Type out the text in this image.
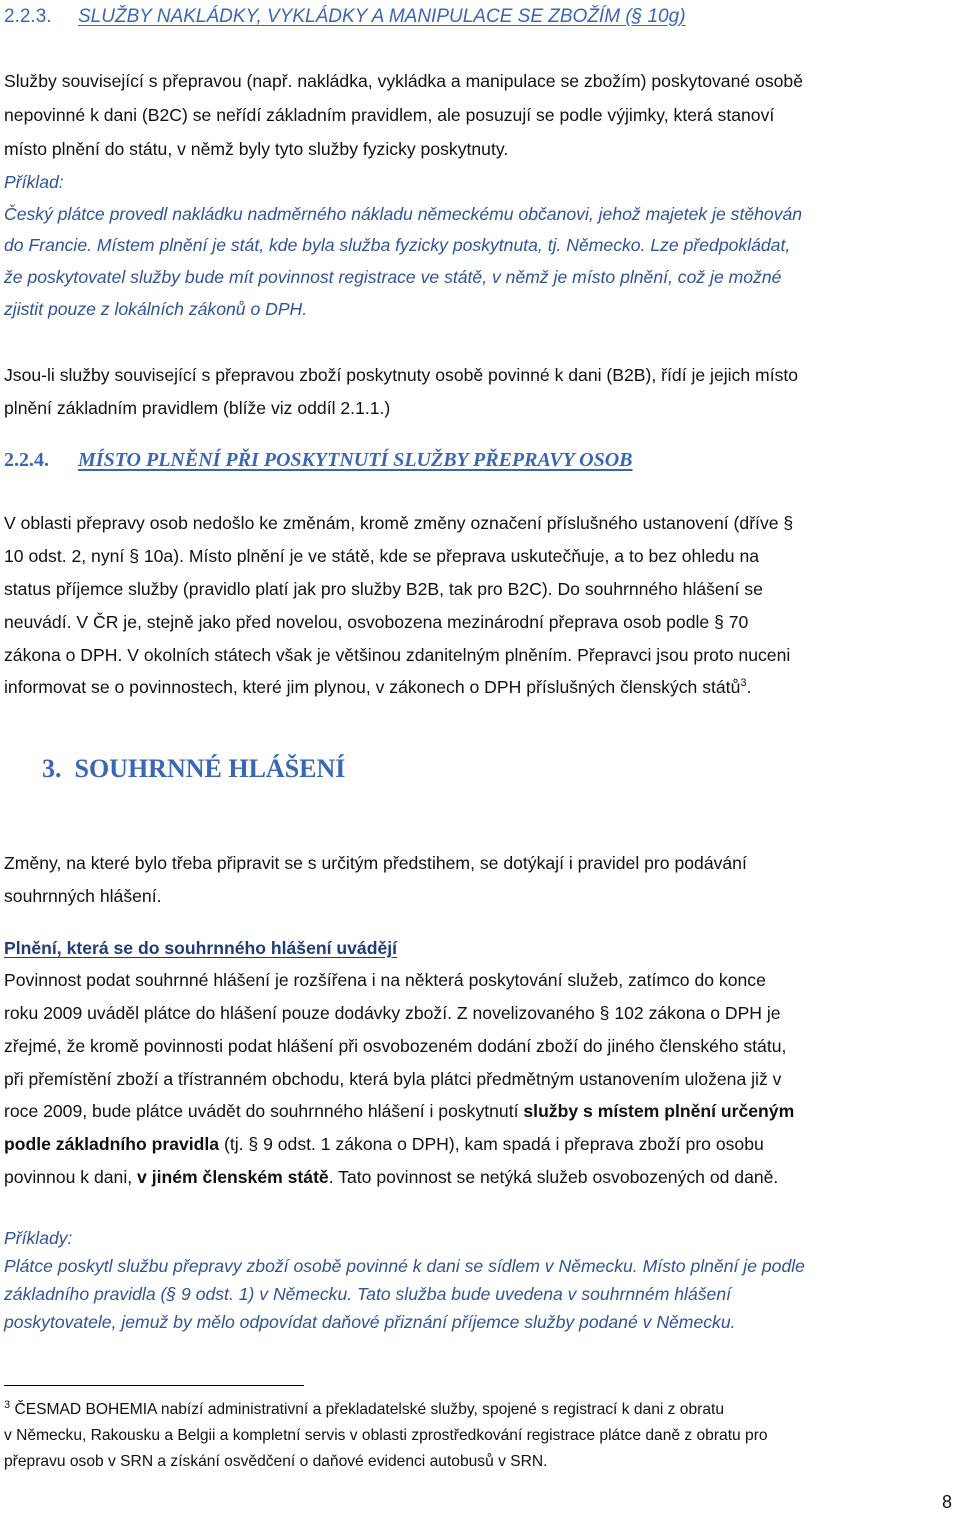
2.2.3. SLUŽBY NAKLÁDKY, VYKLÁDKY A MANIPULACE SE ZBOŽÍM (§ 10g)
Služby související s přepravou (např. nakládka, vykládka a manipulace se zbožím) poskytované osobě
nepovinné k dani (B2C) se neřídí základním pravidlem, ale posuzují se podle výjimky, která stanoví
místo plnění do státu, v němž byly tyto služby fyzicky poskytnuty.
Příklad:
Český plátce provedl nakládku nadměrného nákladu německému občanovi, jehož majetek je stěhován
do Francie. Místem plnění je stát, kde byla služba fyzicky poskytnuta, tj. Německo. Lze předpokládat,
že poskytovatel služby bude mít povinnost registrace ve státě, v němž je místo plnění, což je možné
zjistit pouze z lokálních zákonů o DPH.
Jsou-li služby související s přepravou zboží poskytnuty osobě povinné k dani (B2B), řídí je jejich místo
plnění základním pravidlem (blíže viz oddíl 2.1.1.)
2.2.4. MÍSTO PLNĚNÍ PŘI POSKYTNUTÍ SLUŽBY PŘEPRAVY OSOB
V oblasti přepravy osob nedošlo ke změnám, kromě změny označení příslušného ustanovení (dříve §
10 odst. 2, nyní § 10a). Místo plnění je ve státě, kde se přeprava uskutečňuje, a to bez ohledu na
status příjemce služby (pravidlo platí jak pro služby B2B, tak pro B2C). Do souhrnného hlášení se
neuvádí. V ČR je, stejně jako před novelou, osvobozena mezinárodní přeprava osob podle § 70
zákona o DPH. V okolních státech však je většinou zdanitelným plněním. Přepravci jsou proto nuceni
informovat se o povinnostech, které jim plynou, v zákonech o DPH příslušných členských států$^3$.
3. SOUHRNNÉ HLÁŠENÍ
Změny, na které bylo třeba připravit se s určitým předstihem, se dotýkají i pravidel pro podávání
souhrnných hlášení.
Plnění, která se do souhrnného hlášení uvádějí
Povinnost podat souhrnné hlášení je rozšířena i na některá poskytování služeb, zatímco do konce
roku 2009 uváděl plátce do hlášení pouze dodávky zboží. Z novelizovaného § 102 zákona o DPH je
zřejmé, že kromě povinnosti podat hlášení při osvobozeném dodání zboží do jiného členského státu,
při přemístění zboží a třístranném obchodu, která byla plátci předmětným ustanovením uložena již v
roce 2009, bude plátce uvádět do souhrnného hlášení i poskytnutí služby s místem plnění určeným
podle základního pravidla (tj. § 9 odst. 1 zákona o DPH), kam spadá i přeprava zboží pro osobu
povinnou k dani, v jiném členském státě. Tato povinnost se netýká služeb osvobozených od daně.
Příklady:
Plátce poskytl službu přepravy zboží osobě povinné k dani se sídlem v Německu. Místo plnění je podle
základního pravidla (§ 9 odst. 1) v Německu. Tato služba bude uvedena v souhrnném hlášení
poskytovatele, jemuž by mělo odpovídat daňové přiznání příjemce služby podané v Německu.
$^3$ ČESMAD BOHEMIA nabízí administrativní a překladatelské služby, spojené s registrací k dani z obratu
v Německu, Rakousku a Belgii a kompletní servis v oblasti zprostředkování registrace plátce daně z obratu pro
přepravu osob v SRN a získání osvědčení o daňové evidenci autobusů v SRN.
8
